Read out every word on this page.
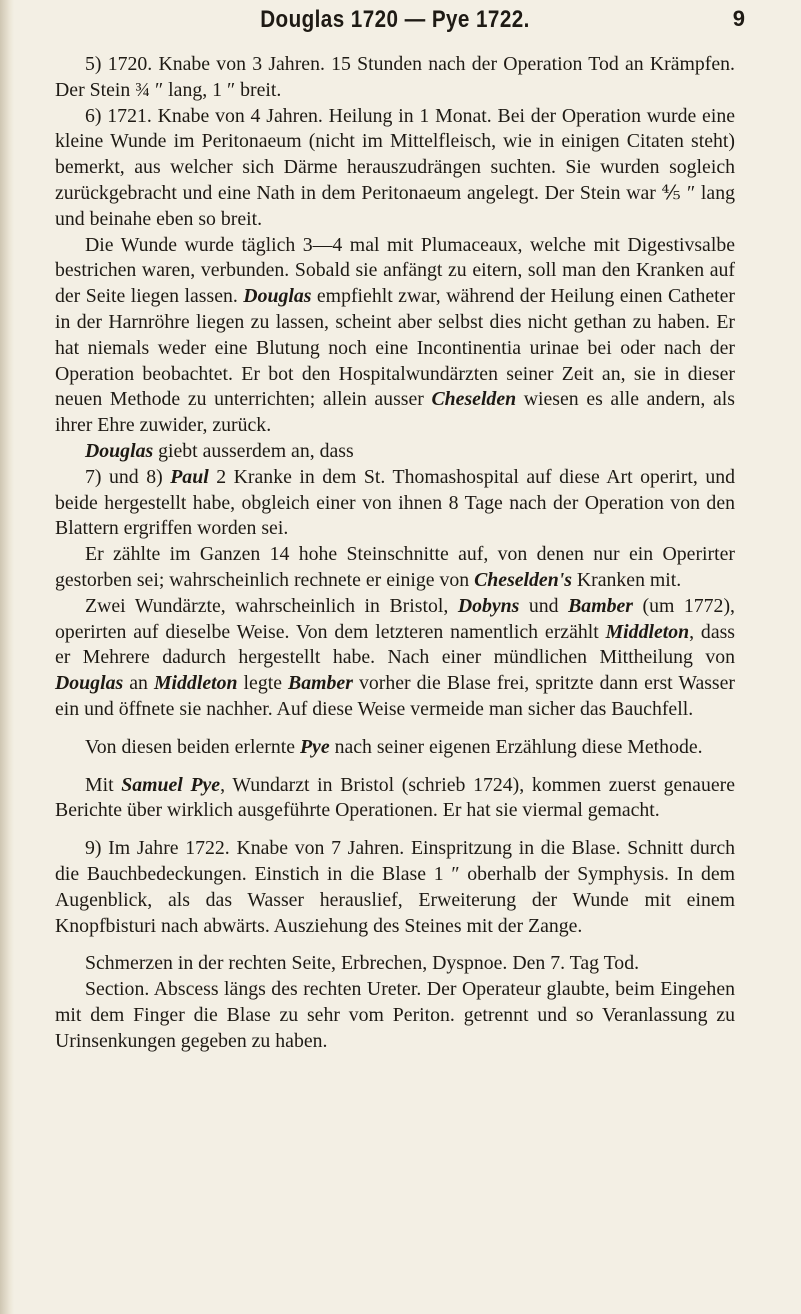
Douglas 1720 — Pye 1722.	9

5) 1720. Knabe von 3 Jahren. 15 Stunden nach der Operation Tod an Krämpfen. Der Stein ¾ ″ lang, 1 ″ breit.

6) 1721. Knabe von 4 Jahren. Heilung in 1 Monat. Bei der Operation wurde eine kleine Wunde im Peritonaeum (nicht im Mittelfleisch, wie in einigen Citaten steht) bemerkt, aus welcher sich Därme herauszudrängen suchten. Sie wurden sogleich zurückgebracht und eine Nath in dem Peritonaeum angelegt. Der Stein war ⅘ ″ lang und beinahe eben so breit.

Die Wunde wurde täglich 3—4 mal mit Plumaceaux, welche mit Digestivsalbe bestrichen waren, verbunden. Sobald sie anfängt zu eitern, soll man den Kranken auf der Seite liegen lassen. Douglas empfiehlt zwar, während der Heilung einen Catheter in der Harnröhre liegen zu lassen, scheint aber selbst dies nicht gethan zu haben. Er hat niemals weder eine Blutung noch eine Incontinentia urinae bei oder nach der Operation beobachtet. Er bot den Hospitalwundärzten seiner Zeit an, sie in dieser neuen Methode zu unterrichten; allein ausser Cheselden wiesen es alle andern, als ihrer Ehre zuwider, zurück.

Douglas giebt ausserdem an, dass

7) und 8) Paul 2 Kranke in dem St. Thomashospital auf diese Art operirt, und beide hergestellt habe, obgleich einer von ihnen 8 Tage nach der Operation von den Blattern ergriffen worden sei.

Er zählte im Ganzen 14 hohe Steinschnitte auf, von denen nur ein Operirter gestorben sei; wahrscheinlich rechnete er einige von Cheselden's Kranken mit.

Zwei Wundärzte, wahrscheinlich in Bristol, Dobyns und Bamber (um 1772), operirten auf dieselbe Weise. Von dem letzteren namentlich erzählt Middleton, dass er Mehrere dadurch hergestellt habe. Nach einer mündlichen Mittheilung von Douglas an Middleton legte Bamber vorher die Blase frei, spritzte dann erst Wasser ein und öffnete sie nachher. Auf diese Weise vermeide man sicher das Bauchfell.

Von diesen beiden erlernte Pye nach seiner eigenen Erzählung diese Methode.

Mit Samuel Pye, Wundarzt in Bristol (schrieb 1724), kommen zuerst genauere Berichte über wirklich ausgeführte Operationen. Er hat sie viermal gemacht.

9) Im Jahre 1722. Knabe von 7 Jahren. Einspritzung in die Blase. Schnitt durch die Bauchbedeckungen. Einstich in die Blase 1 ″ oberhalb der Symphysis. In dem Augenblick, als das Wasser herauslief, Erweiterung der Wunde mit einem Knopfbisturi nach abwärts. Ausziehung des Steines mit der Zange.

Schmerzen in der rechten Seite, Erbrechen, Dyspnoe. Den 7. Tag Tod.

Section. Abscess längs des rechten Ureter. Der Operateur glaubte, beim Eingehen mit dem Finger die Blase zu sehr vom Periton. getrennt und so Veranlassung zu Urinsenkungen gegeben zu haben.
